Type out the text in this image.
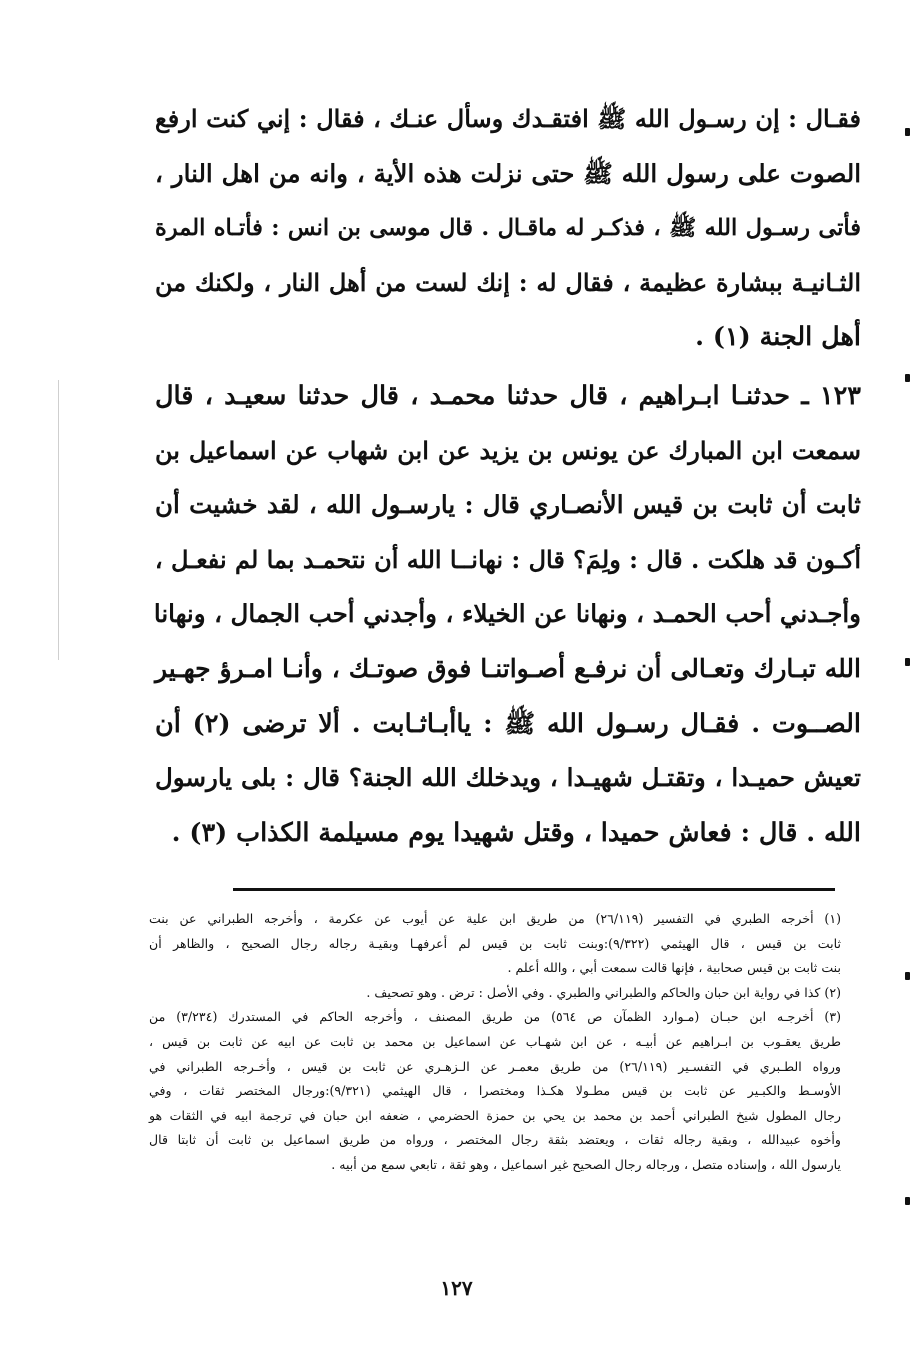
فقـال : إن رسـول الله ﷺ افتقـدك وسأل عنـك ، فقال : إني كنت ارفع
الصوت على رسول الله ﷺ حتى نزلت هذه الأية ، وانه من اهل النار ،
فأتى رسـول الله ﷺ ، فذكـر له ماقـال . قال موسى بن انس : فأتـاه المرة
الثـانيـة ببشارة عظيمة ، فقال له : إنك لست من أهل النار ، ولكنك من
أهل الجنة (١) .
١٢٣ ـ حدثنـا ابـراهيم ، قال حدثنا محمـد ، قال حدثنا سعيـد ، قال
سمعت ابن المبارك عن يونس بن يزيد عن ابن شهاب عن اسماعيل بن
ثابت أن ثابت بن قيس الأنصـاري قال : يارسـول الله ، لقد خشيت أن
أكـون قد هلكت . قال : ولِمَ؟ قال : نهانــا الله أن نتحمـد بما لم نفعـل ،
وأجـدني أحب الحمـد ، ونهانا عن الخيلاء ، وأجدني أحب الجمال ، ونهانا
الله تبـارك وتعـالى أن نرفـع أصـواتنـا فوق صوتـك ، وأنـا امـرؤ جهـير
الصــوت . فقـال رسـول الله ﷺ : ياأبـاثـابت . ألا ترضى (٢) أن
تعيش حميـدا ، وتقتـل شهيـدا ، ويدخلك الله الجنة؟ قال : بلى يارسول
الله . قال : فعاش حميدا ، وقتل شهيدا يوم مسيلمة الكذاب (٣) .
(١) أخرجه الطبري في التفسير (٢٦/١١٩) من طريق ابن علية عن أيوب عن عكرمة ، وأخرجه الطبراني عن بنت
ثابت بن قيس ، قال الهيثمي (٩/٣٢٢):وبنت ثابت بن قيس لم أعرفهـا وبقيـة رجاله رجال الصحيح ، والظاهر أن
بنت ثابت بن قيس صحابية ، فإنها قالت سمعت أبي ، والله أعلم .
(٢) كذا في رواية ابن حبان والحاكم والطبراني والطبري . وفي الأصل : ترض . وهو تصحيف .
(٣) أخرجـه ابن حبـان (مـوارد الظمآن ص ٥٦٤) من طريق المصنف ، وأخرجه الحاكم في المستدرك (٣/٢٣٤) من
طريق يعقـوب بن ابـراهيم عن أبيـه ، عن ابن شهـاب عن اسماعيل بن محمد بن ثابت عن ابيه عن ثابت بن قيس ،
ورواه الطـبري في التفسـير (٢٦/١١٩) من طريق معمـر عن الـزهـري عن ثابت بن قيس ، وأخـرجه الطبراني في
الأوسـط والكبـير عن ثابت بن قيس مطـولا هكـذا ومختصرا ، قال الهيثمي (٩/٣٢١):ورجال المختصر ثقات ، وفي
رجال المطول شيخ الطبراني أحمد بن محمد بن يحي بن حمزة الحضرمي ، ضعفه ابن حبان في ترجمة ابيه في الثقات هو
وأخوه عبيدالله ، وبقية رجاله ثقات ، ويعتضد بثقة رجال المختصر ، ورواه من طريق اسماعيل بن ثابت أن ثابتا قال
يارسول الله ، وإسناده متصل ، ورجاله رجال الصحيح غير اسماعيل ، وهو ثقة ، تابعي سمع من أبيه .
١٢٧
